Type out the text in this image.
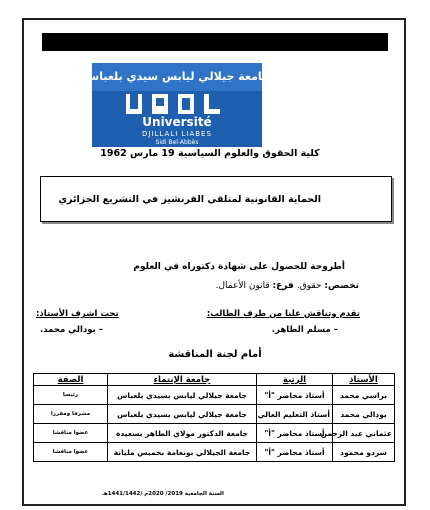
جامعة جيلالي ليابس سيدي بلعباس
Université
DJILLALI LIABES
Sidi Bel-Abbès
كلية الحقوق والعلوم السياسية 19 مارس 1962
الحماية القانونية لمتلقي الفرنشيز في التشريع الجزائري
أطروحة للحصول على شهادة دكتوراه في العلوم
تخصص: حقوق. فرع: قانون الأعمال.
تقدم وتناقش علنا من طرف الطالب:
تحت اشرف الأستاذ:
– مسلم الطاهر.
– بودالي محمد.
أمام لجنة المناقشة
الأستاذ	الرتبة	جامعة الإنتماء	الصفة
براسي محمد	أستاذ محاضر "أ"	جامعة جيلالي ليابس بسيدي بلعباس	رئيسا
بودالي محمد	أستاذ التعليم العالي	جامعة جيلالي ليابس بسيدي بلعباس	مشرفا ومقررا
عثماني عبد الرحمن	أستاذ محاضر "أ"	جامعة الدكتور مولاي الطاهر بسعيدة	عضوا مناقشا
سردو محمود	أستاذ محاضر "أ"	جامعة الجيلالي بونعامة بخميس مليانة	عضوا مناقشا
السنة الجامعية 2019/ 2020م /1441/1442هـ
